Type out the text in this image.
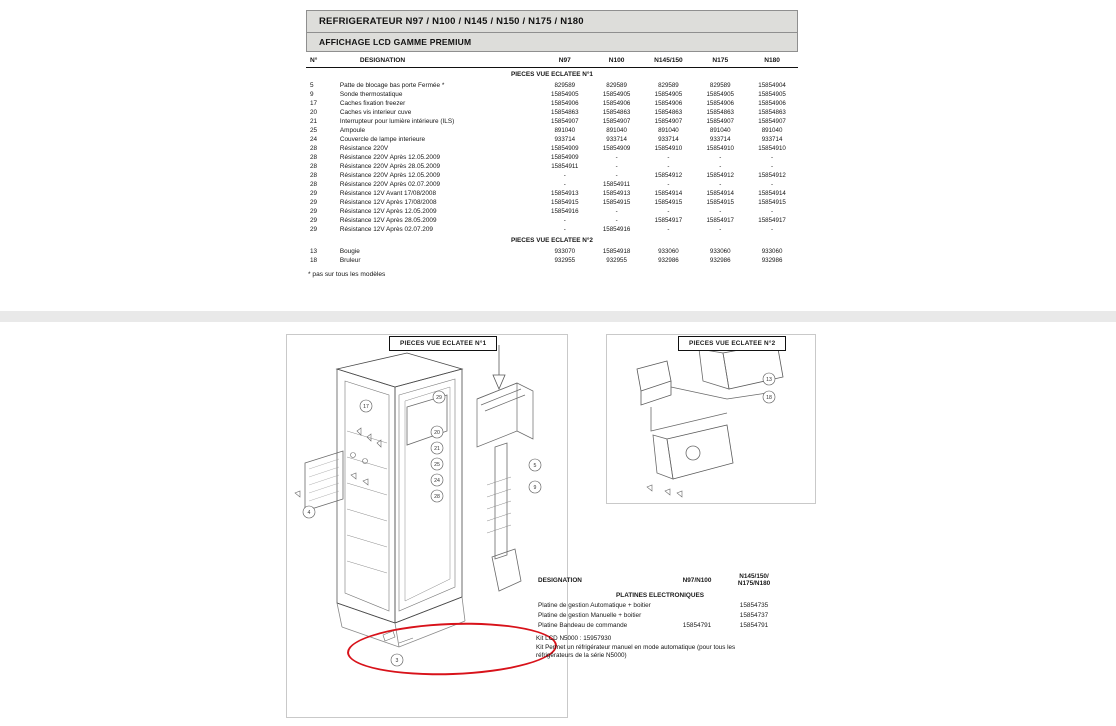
REFRIGERATEUR N97 / N100 / N145 / N150 / N175 / N180
AFFICHAGE LCD GAMME PREMIUM
N°	DESIGNATION	N97	N100	N145/150	N175	N180
PIECES VUE ECLATEE N°1						
5	Patte de blocage bas porte Fermée *	829589	829589	829589	829589	15854904
9	Sonde thermostatique	15854905	15854905	15854905	15854905	15854905
17	Caches fixation freezer	15854906	15854906	15854906	15854906	15854906
20	Caches vis interieur cuve	15854863	15854863	15854863	15854863	15854863
21	Interrupteur pour lumière intérieure (ILS)	15854907	15854907	15854907	15854907	15854907
25	Ampoule	891040	891040	891040	891040	891040
24	Couvercle de lampe interieure	933714	933714	933714	933714	933714
28	Résistance 220V	15854909	15854909	15854910	15854910	15854910
28	Résistance 220V Après 12.05.2009	15854909	-	-	-	-
28	Résistance 220V Après 28.05.2009	15854911	-	-	-	-
28	Résistance 220V Après 12.05.2009	-	-	15854912	15854912	15854912
28	Résistance 220V Après 02.07.2009	-	15854911	-	-	-
29	Résistance 12V Avant 17/08/2008	15854913	15854913	15854914	15854914	15854914
29	Résistance 12V Après 17/08/2008	15854915	15854915	15854915	15854915	15854915
29	Résistance 12V Après 12.05.2009	15854916	-	-	-	-
29	Résistance 12V Après 28.05.2009	-	-	15854917	15854917	15854917
29	Résistance 12V Après 02.07.209	-	15854916	-	-	-
PIECES VUE ECLATEE N°2						
13	Bougie	933070	15854918	933060	933060	933060
18	Bruleur	932955	932955	932986	932986	932986
* pas sur tous les modèles
17
29
4
20
21
25
24
28
5
9
3
13
18
PIECES VUE ECLATEE N°1	PIECES VUE ECLATEE N°2
DESIGNATION	N97/N100	N145/150/
N175/N180
PLATINES ELECTRONIQUES		
Platine de gestion Automatique + boitier		15854735
Platine de gestion Manuelle + boitier		15854737
Platine Bandeau de commande	15854791	15854791
Kit LCD N5000 : 15957930
Kit Permet un réfrigérateur manuel en mode automatique (pour tous les
réfrigérateurs de la série N5000)
